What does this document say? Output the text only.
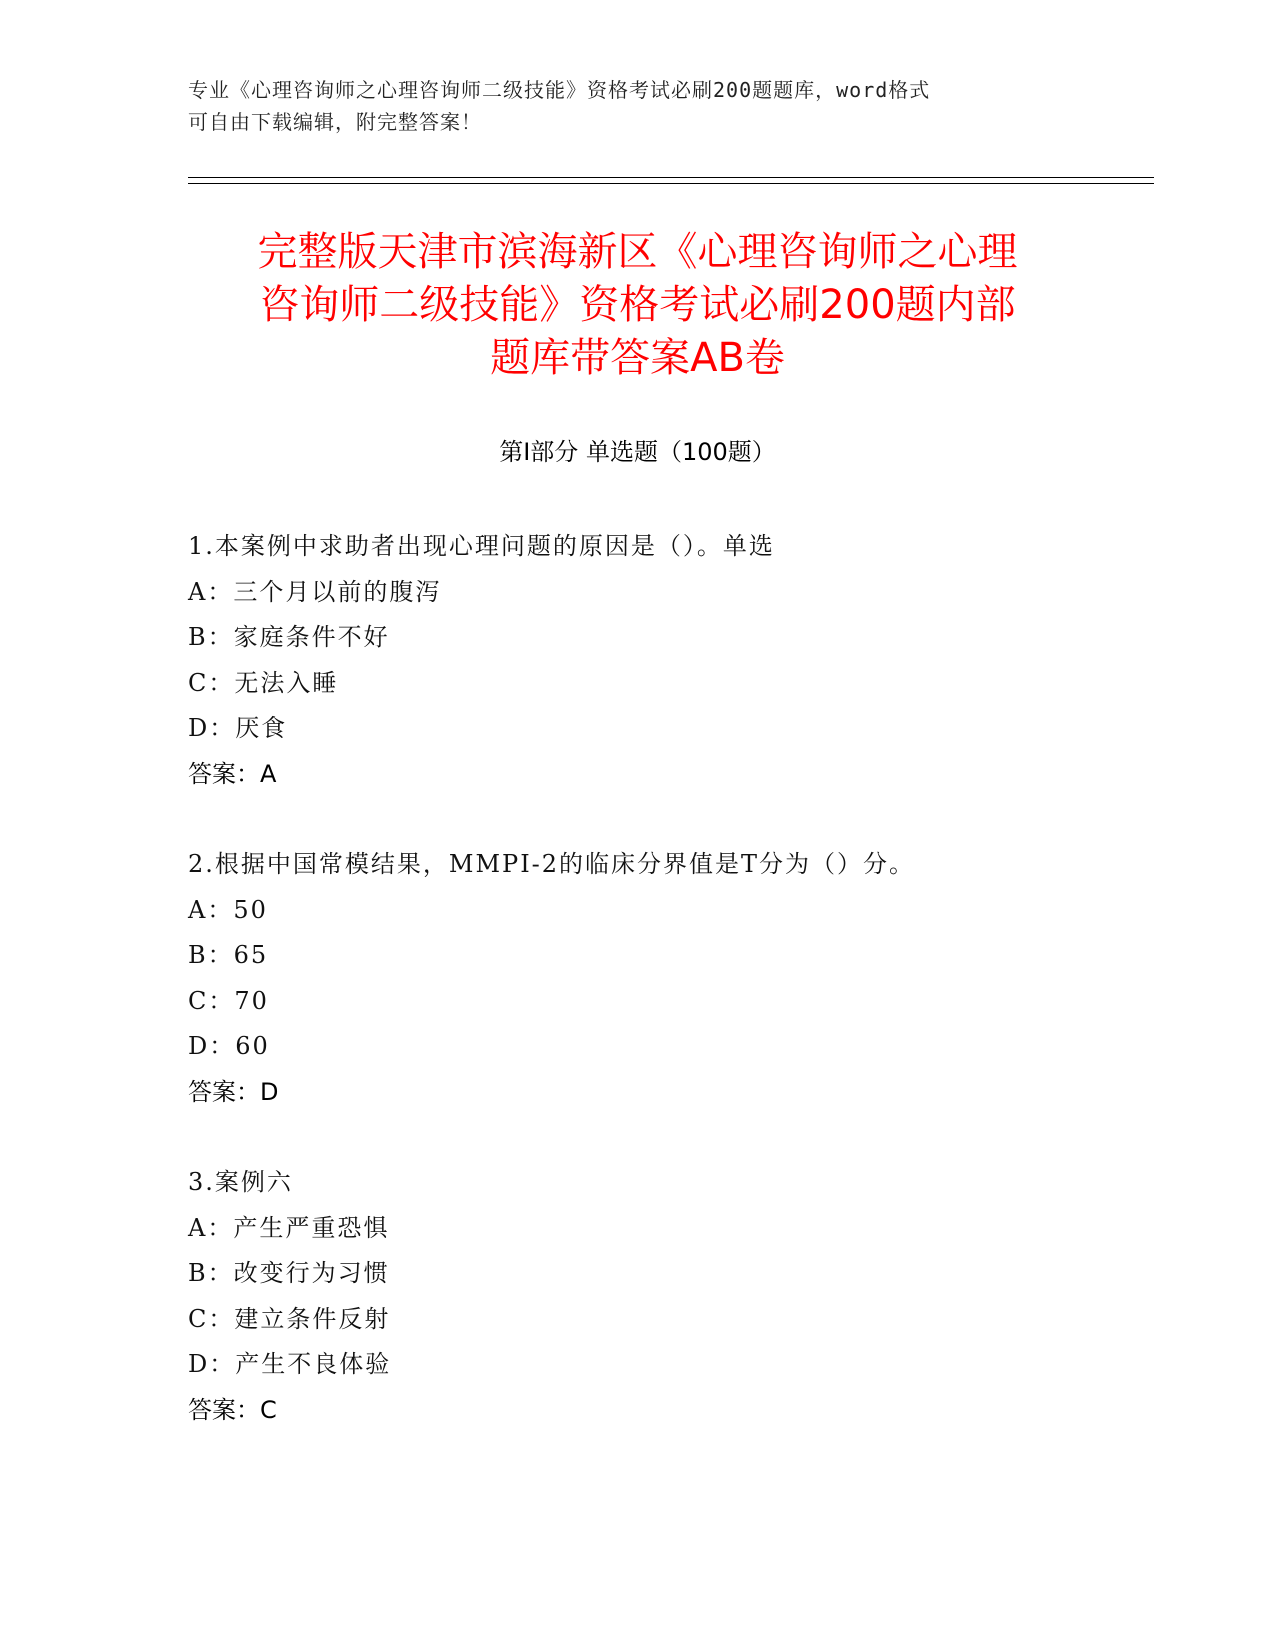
专业《心理咨询师之心理咨询师二级技能》资格考试必刷200题题库，word格式
可自由下载编辑，附完整答案！
完整版天津市滨海新区《心理咨询师之心理
咨询师二级技能》资格考试必刷200题内部
题库带答案AB卷
第Ⅰ部分 单选题（100题）
1.本案例中求助者出现心理问题的原因是（）。单选
A：三个月以前的腹泻
B：家庭条件不好
C：无法入睡
D：厌食
答案：A
2.根据中国常模结果，MMPI-2的临床分界值是T分为（）分。
A：50
B：65
C：70
D：60
答案：D
3.案例六
A：产生严重恐惧
B：改变行为习惯
C：建立条件反射
D：产生不良体验
答案：C
